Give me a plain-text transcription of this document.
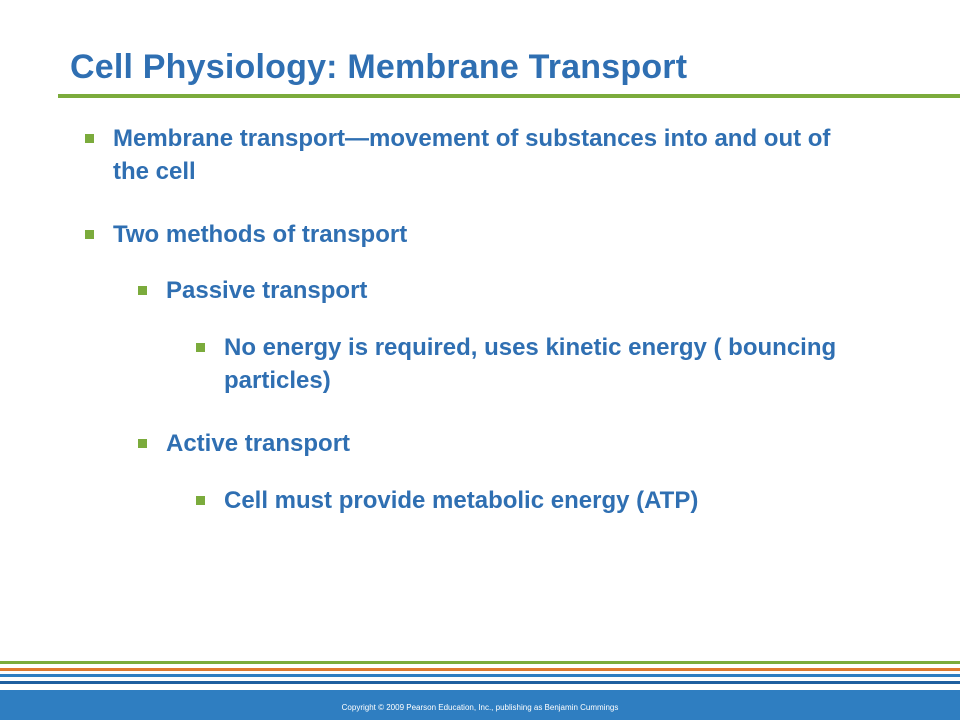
Cell Physiology: Membrane Transport
Membrane transport—movement of substances into and out of the cell
Two methods of transport
Passive transport
No energy is required, uses kinetic energy ( bouncing particles)
Active transport
Cell must provide metabolic energy (ATP)
Copyright © 2009 Pearson Education, Inc., publishing as Benjamin Cummings
